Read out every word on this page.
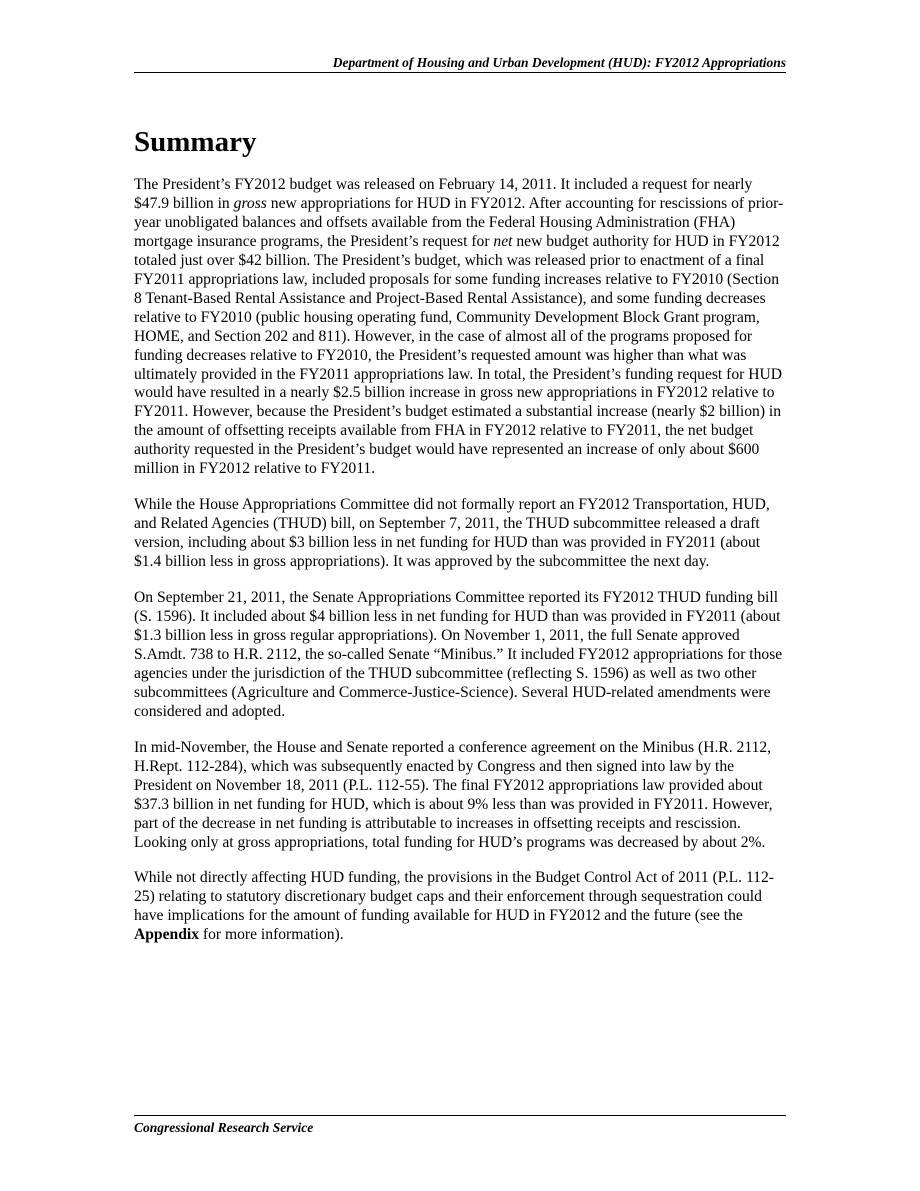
Department of Housing and Urban Development (HUD): FY2012 Appropriations
Summary

The President’s FY2012 budget was released on February 14, 2011. It included a request for nearly $47.9 billion in gross new appropriations for HUD in FY2012. After accounting for rescissions of prior-year unobligated balances and offsets available from the Federal Housing Administration (FHA) mortgage insurance programs, the President’s request for net new budget authority for HUD in FY2012 totaled just over $42 billion. The President’s budget, which was released prior to enactment of a final FY2011 appropriations law, included proposals for some funding increases relative to FY2010 (Section 8 Tenant-Based Rental Assistance and Project-Based Rental Assistance), and some funding decreases relative to FY2010 (public housing operating fund, Community Development Block Grant program, HOME, and Section 202 and 811). However, in the case of almost all of the programs proposed for funding decreases relative to FY2010, the President’s requested amount was higher than what was ultimately provided in the FY2011 appropriations law. In total, the President’s funding request for HUD would have resulted in a nearly $2.5 billion increase in gross new appropriations in FY2012 relative to FY2011. However, because the President’s budget estimated a substantial increase (nearly $2 billion) in the amount of offsetting receipts available from FHA in FY2012 relative to FY2011, the net budget authority requested in the President’s budget would have represented an increase of only about $600 million in FY2012 relative to FY2011.

While the House Appropriations Committee did not formally report an FY2012 Transportation, HUD, and Related Agencies (THUD) bill, on September 7, 2011, the THUD subcommittee released a draft version, including about $3 billion less in net funding for HUD than was provided in FY2011 (about $1.4 billion less in gross appropriations). It was approved by the subcommittee the next day.

On September 21, 2011, the Senate Appropriations Committee reported its FY2012 THUD funding bill (S. 1596). It included about $4 billion less in net funding for HUD than was provided in FY2011 (about $1.3 billion less in gross regular appropriations). On November 1, 2011, the full Senate approved S.Amdt. 738 to H.R. 2112, the so-called Senate “Minibus.” It included FY2012 appropriations for those agencies under the jurisdiction of the THUD subcommittee (reflecting S. 1596) as well as two other subcommittees (Agriculture and Commerce-Justice-Science). Several HUD-related amendments were considered and adopted.

In mid-November, the House and Senate reported a conference agreement on the Minibus (H.R. 2112, H.Rept. 112-284), which was subsequently enacted by Congress and then signed into law by the President on November 18, 2011 (P.L. 112-55). The final FY2012 appropriations law provided about $37.3 billion in net funding for HUD, which is about 9% less than was provided in FY2011. However, part of the decrease in net funding is attributable to increases in offsetting receipts and rescission. Looking only at gross appropriations, total funding for HUD’s programs was decreased by about 2%.

While not directly affecting HUD funding, the provisions in the Budget Control Act of 2011 (P.L. 112-25) relating to statutory discretionary budget caps and their enforcement through sequestration could have implications for the amount of funding available for HUD in FY2012 and the future (see the Appendix for more information).

Congressional Research Service
